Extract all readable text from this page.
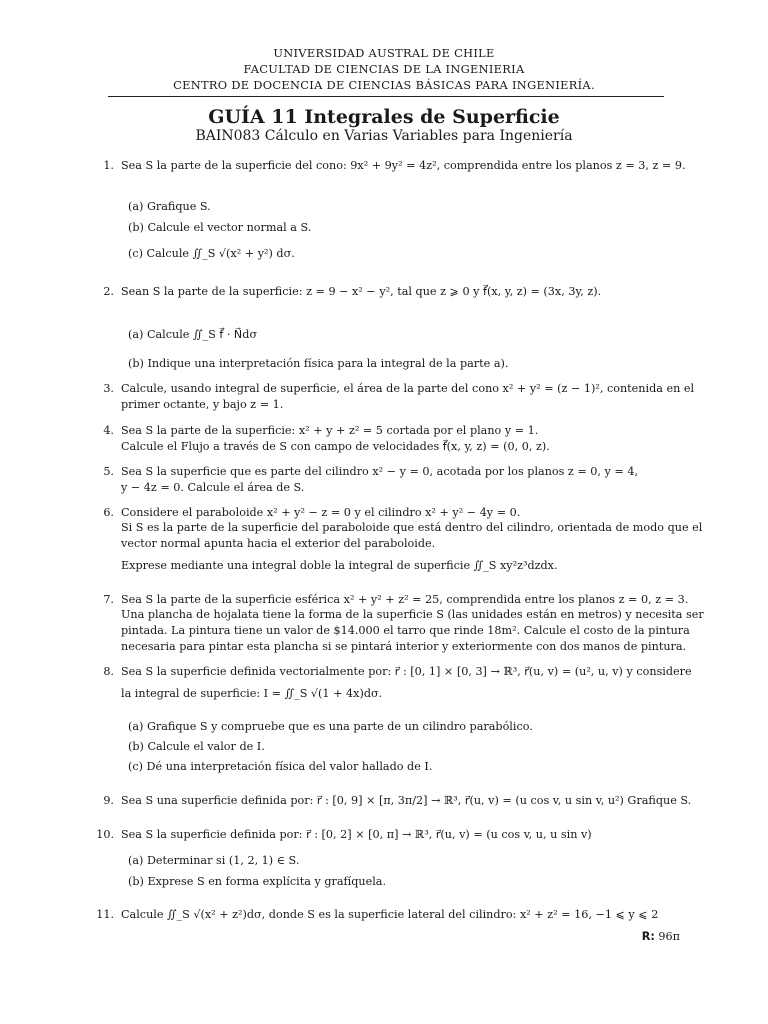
UNIVERSIDAD AUSTRAL DE CHILE
FACULTAD DE CIENCIAS DE LA INGENIERIA
CENTRO DE DOCENCIA DE CIENCIAS BÁSICAS PARA INGENIERÍA.
GUÍA 11 Integrales de Superficie
BAIN083 Cálculo en Varias Variables para Ingeniería
1. Sea S la parte de la superficie del cono: 9x² + 9y² = 4z², comprendida entre los planos z = 3, z = 9.
(a) Grafique S.
(b) Calcule el vector normal a S.
(c) Calcule ∬_S √(x² + y²) dσ.
2. Sean S la parte de la superficie: z = 9 − x² − y², tal que z ⩾ 0 y f⃗(x, y, z) = (3x, 3y, z).
(a) Calcule ∬_S f⃗ · N⃗dσ
(b) Indique una interpretación física para la integral de la parte a).
3. Calcule, usando integral de superficie, el área de la parte del cono x² + y² = (z − 1)², contenida en el
primer octante, y bajo z = 1.
4. Sea S la parte de la superficie: x² + y + z² = 5 cortada por el plano y = 1.
Calcule el Flujo a través de S con campo de velocidades f⃗(x, y, z) = (0, 0, z).
5. Sea S la superficie que es parte del cilindro x² − y = 0, acotada por los planos z = 0, y = 4,
y − 4z = 0. Calcule el área de S.
6. Considere el paraboloide x² + y² − z = 0 y el cilindro x² + y² − 4y = 0.
Si S es la parte de la superficie del paraboloide que está dentro del cilindro, orientada de modo que el
vector normal apunta hacia el exterior del paraboloide.
Exprese mediante una integral doble la integral de superficie ∬_S xy²z³dzdx.
7. Sea S la parte de la superficie esférica x² + y² + z² = 25, comprendida entre los planos z = 0, z = 3.
Una plancha de hojalata tiene la forma de la superficie S (las unidades están en metros) y necesita ser
pintada. La pintura tiene un valor de $14.000 el tarro que rinde 18m². Calcule el costo de la pintura
necesaria para pintar esta plancha si se pintará interior y exteriormente con dos manos de pintura.
8. Sea S la superficie definida vectorialmente por: r⃗ : [0, 1] × [0, 3] → ℝ³, r⃗(u, v) = (u², u, v) y considere
la integral de superficie: I = ∬_S √(1 + 4x)dσ.
(a) Grafique S y compruebe que es una parte de un cilindro parabólico.
(b) Calcule el valor de I.
(c) Dé una interpretación física del valor hallado de I.
9. Sea S una superficie definida por: r⃗ : [0, 9] × [π, 3π/2] → ℝ³, r⃗(u, v) = (u cos v, u sin v, u²) Grafique S.
10. Sea S la superficie definida por: r⃗ : [0, 2] × [0, π] → ℝ³, r⃗(u, v) = (u cos v, u, u sin v)
(a) Determinar si (1, 2, 1) ∈ S.
(b) Exprese S en forma explícita y grafíquela.
11. Calcule ∬_S √(x² + z²)dσ, donde S es la superficie lateral del cilindro: x² + z² = 16, −1 ⩽ y ⩽ 2
R: 96π
